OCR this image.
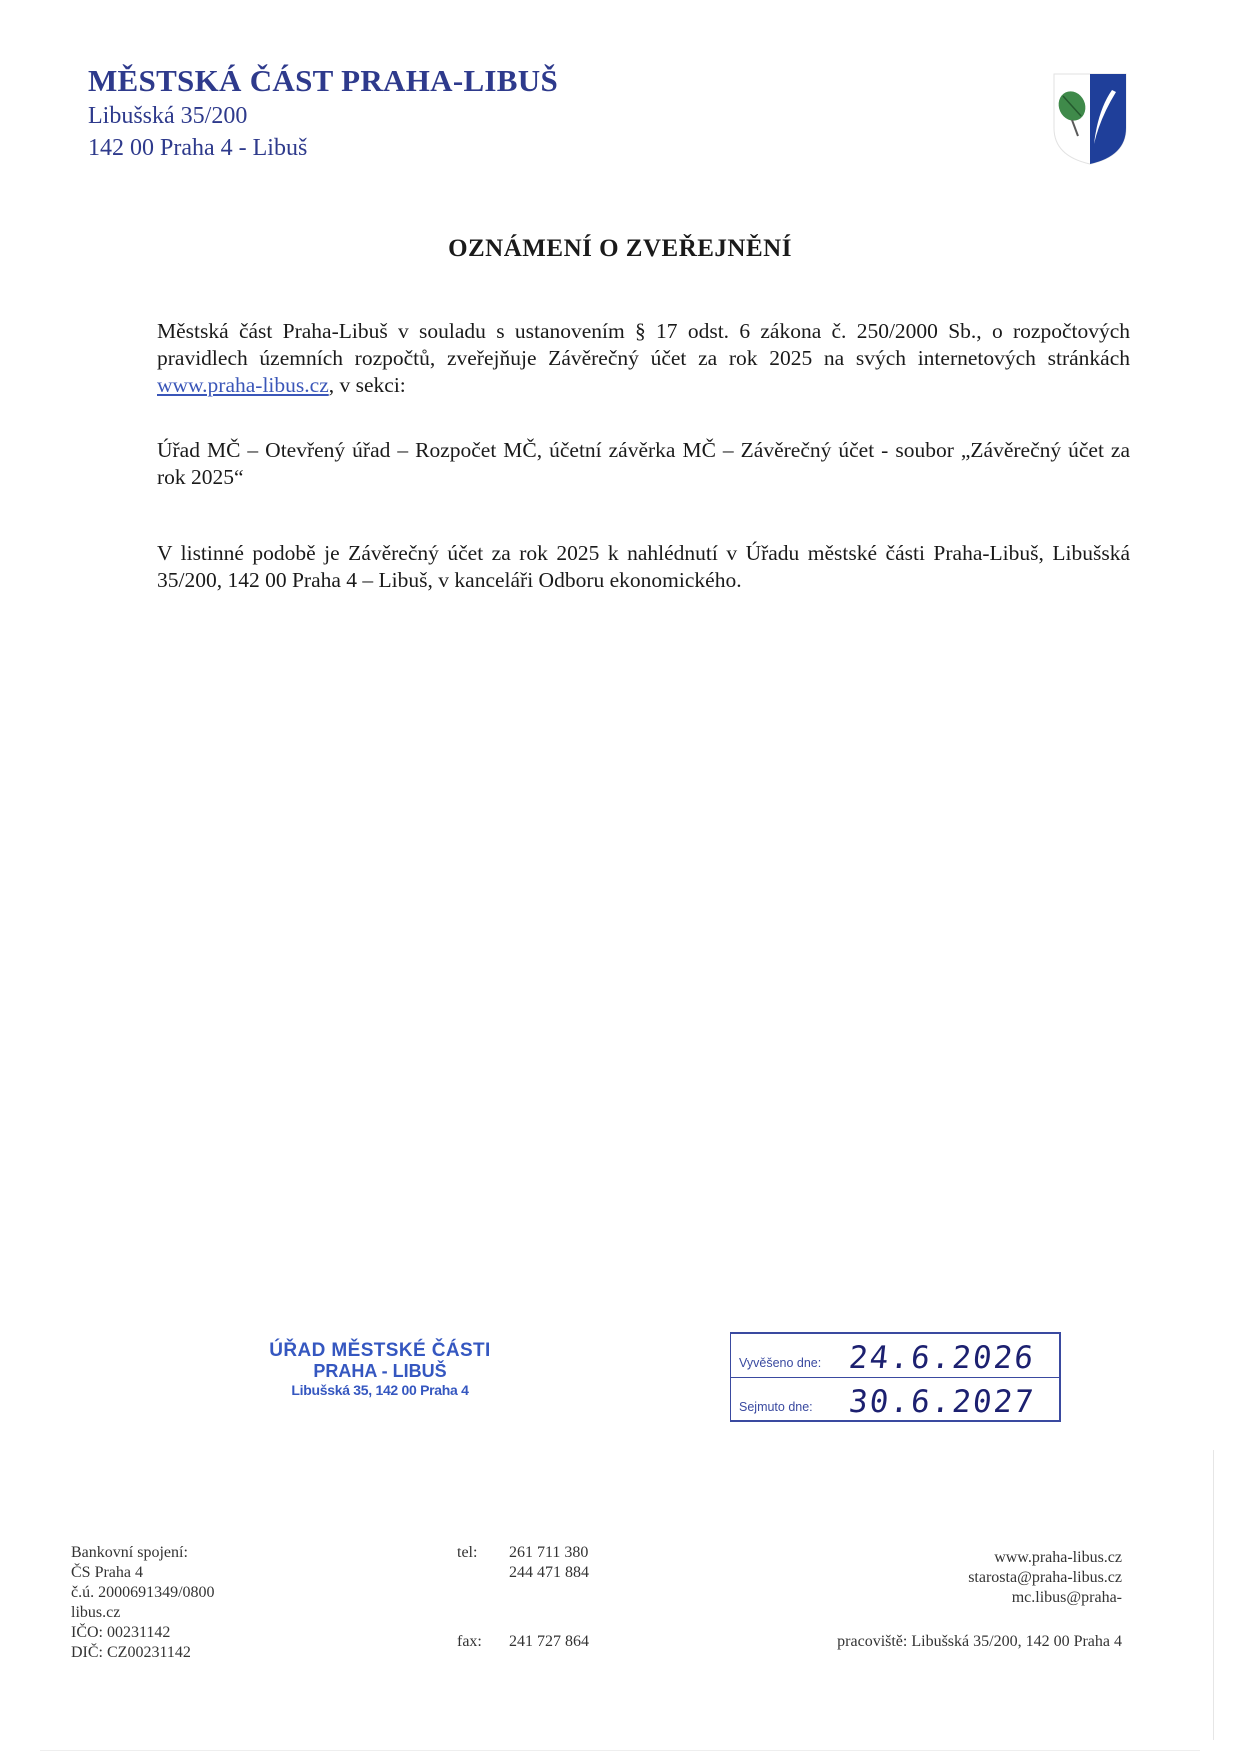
MĚSTSKÁ ČÁST PRAHA-LIBUŠ
Libušská 35/200
142 00 Praha 4 - Libuš
OZNÁMENÍ O ZVEŘEJNĚNÍ
Městská část Praha-Libuš v souladu s ustanovením § 17 odst. 6 zákona č. 250/2000 Sb., o rozpočtových pravidlech územních rozpočtů, zveřejňuje Závěrečný účet za rok 2025 na svých internetových stránkách www.praha-libus.cz, v sekci:
Úřad MČ – Otevřený úřad – Rozpočet MČ, účetní závěrka MČ – Závěrečný účet - soubor „Závěrečný účet za rok 2025“
V listinné podobě je Závěrečný účet za rok 2025 k nahlédnutí v Úřadu městské části Praha-Libuš, Libušská 35/200, 142 00 Praha 4 – Libuš, v kanceláři Odboru ekonomického.
ÚŘAD MĚSTSKÉ ČÁSTI
PRAHA - LIBUŠ
Libušská 35, 142 00 Praha 4
Vyvěšeno dne: 24.6.2026
Sejmuto dne: 30.6.2027
Bankovní spojení:
ČS Praha 4
č.ú. 2000691349/0800
libus.cz
IČO: 00231142
DIČ: CZ00231142
tel: 261 711 380
244 471 884
fax: 241 727 864
www.praha-libus.cz
starosta@praha-libus.cz
mc.libus@praha-
pracoviště: Libušská 35/200, 142 00 Praha 4
